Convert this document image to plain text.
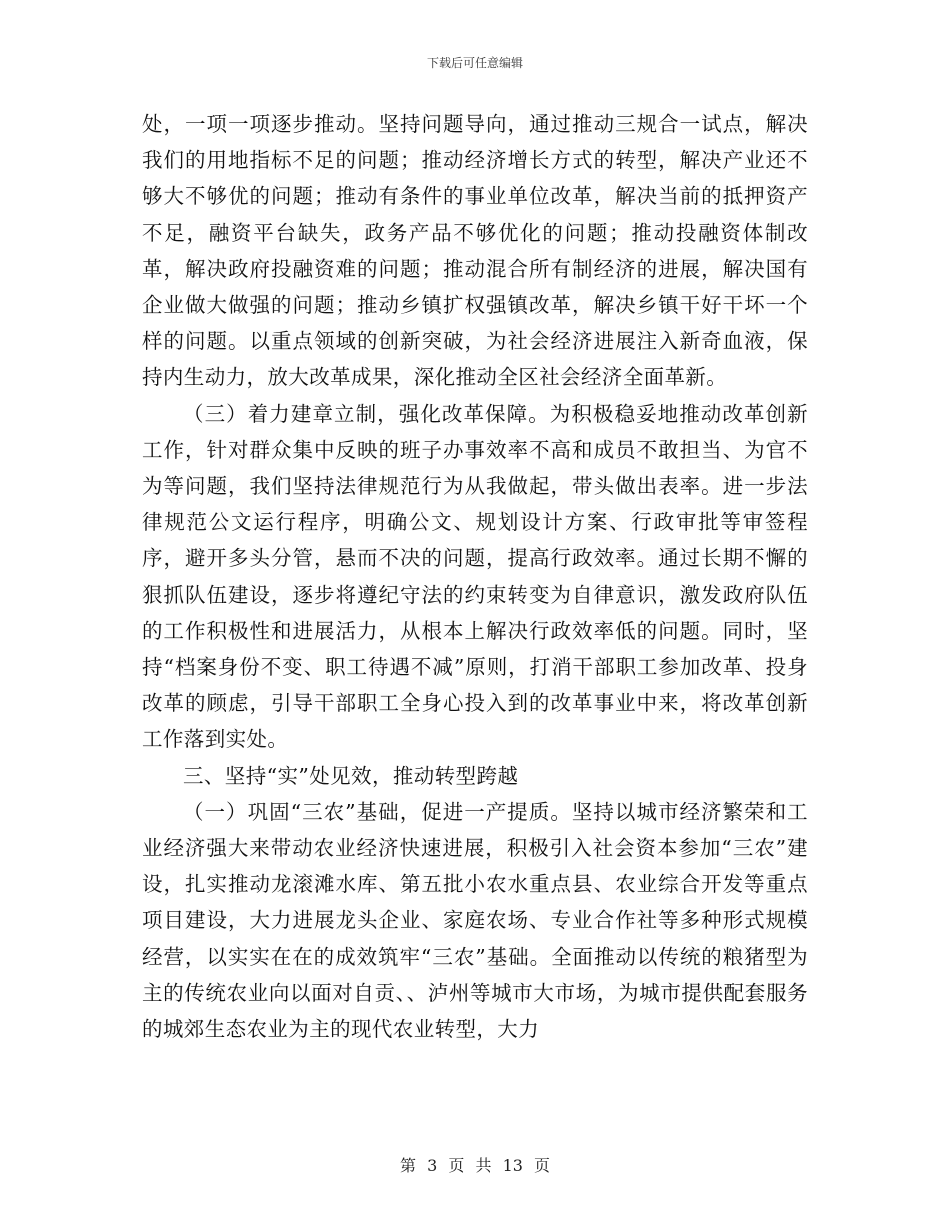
下载后可任意编辑

处，一项一项逐步推动。坚持问题导向，通过推动三规合一试点，解决我们的用地指标不足的问题；推动经济增长方式的转型，解决产业还不够大不够优的问题；推动有条件的事业单位改革，解决当前的抵押资产不足，融资平台缺失，政务产品不够优化的问题；推动投融资体制改革，解决政府投融资难的问题；推动混合所有制经济的进展，解决国有企业做大做强的问题；推动乡镇扩权强镇改革，解决乡镇干好干坏一个样的问题。以重点领域的创新突破，为社会经济进展注入新奇血液，保持内生动力，放大改革成果，深化推动全区社会经济全面革新。

（三）着力建章立制，强化改革保障。为积极稳妥地推动改革创新工作，针对群众集中反映的班子办事效率不高和成员不敢担当、为官不为等问题，我们坚持法律规范行为从我做起，带头做出表率。进一步法律规范公文运行程序，明确公文、规划设计方案、行政审批等审签程序，避开多头分管，悬而不决的问题，提高行政效率。通过长期不懈的狠抓队伍建设，逐步将遵纪守法的约束转变为自律意识，激发政府队伍的工作积极性和进展活力，从根本上解决行政效率低的问题。同时，坚持“档案身份不变、职工待遇不减”原则，打消干部职工参加改革、投身改革的顾虑，引导干部职工全身心投入到的改革事业中来，将改革创新工作落到实处。

三、坚持“实”处见效，推动转型跨越

（一）巩固“三农”基础，促进一产提质。坚持以城市经济繁荣和工业经济强大来带动农业经济快速进展，积极引入社会资本参加“三农”建设，扎实推动龙滚滩水库、第五批小农水重点县、农业综合开发等重点项目建设，大力进展龙头企业、家庭农场、专业合作社等多种形式规模经营，以实实在在的成效筑牢“三农”基础。全面推动以传统的粮猪型为主的传统农业向以面对自贡、、泸州等城市大市场，为城市提供配套服务的城郊生态农业为主的现代农业转型，大力

第 3 页 共 13 页
